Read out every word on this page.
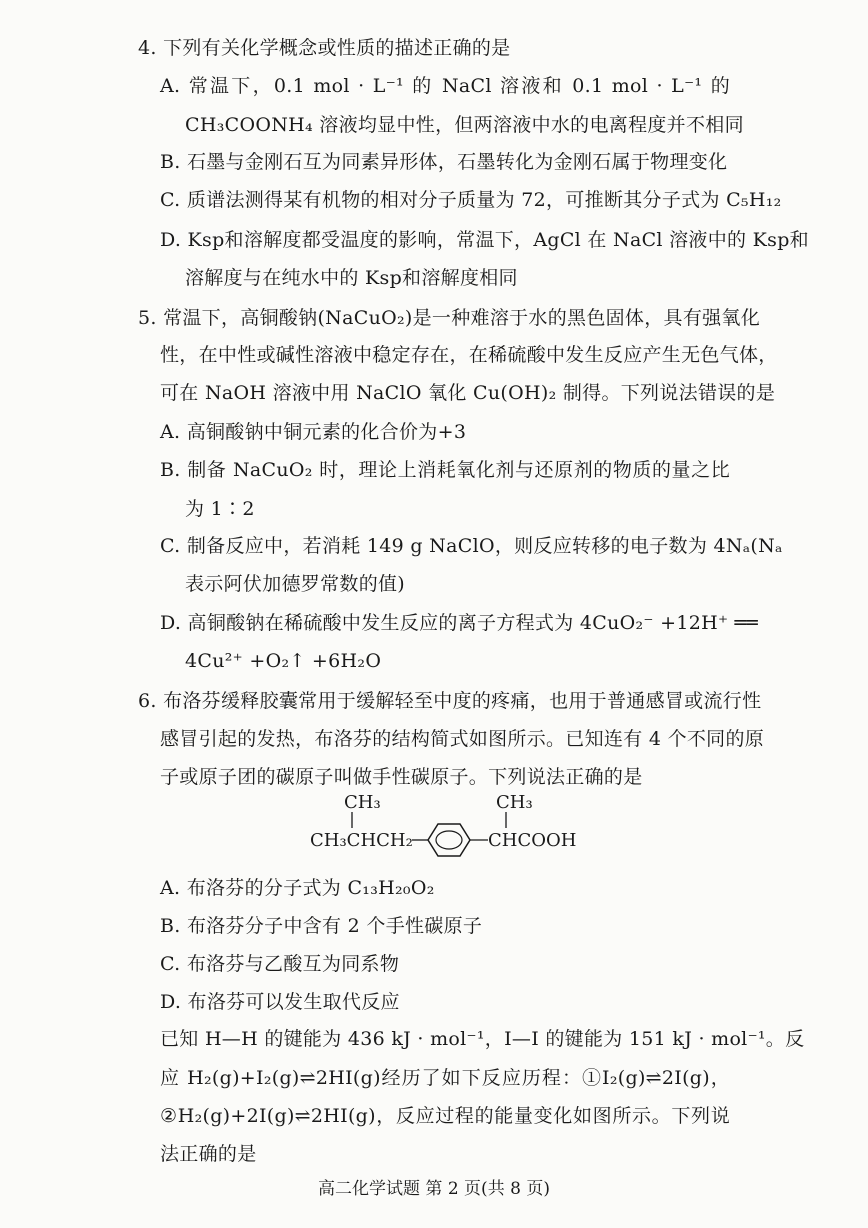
4. 下列有关化学概念或性质的描述正确的是
A. 常温下，0.1 mol · L⁻¹ 的 NaCl 溶液和 0.1 mol · L⁻¹ 的
CH₃COONH₄ 溶液均显中性，但两溶液中水的电离程度并不相同
B. 石墨与金刚石互为同素异形体，石墨转化为金刚石属于物理变化
C. 质谱法测得某有机物的相对分子质量为 72，可推断其分子式为 C₅H₁₂
D. Ksp和溶解度都受温度的影响，常温下，AgCl 在 NaCl 溶液中的 Ksp和
溶解度与在纯水中的 Ksp和溶解度相同
5. 常温下，高铜酸钠(NaCuO₂)是一种难溶于水的黑色固体，具有强氧化
性，在中性或碱性溶液中稳定存在，在稀硫酸中发生反应产生无色气体，
可在 NaOH 溶液中用 NaClO 氧化 Cu(OH)₂ 制得。下列说法错误的是
A. 高铜酸钠中铜元素的化合价为+3
B. 制备 NaCuO₂ 时，理论上消耗氧化剂与还原剂的物质的量之比
为 1∶2
C. 制备反应中，若消耗 149 g NaClO，则反应转移的电子数为 4Nₐ(Nₐ
表示阿伏加德罗常数的值)
D. 高铜酸钠在稀硫酸中发生反应的离子方程式为 4CuO₂⁻ +12H⁺ ══
4Cu²⁺ +O₂↑ +6H₂O
6. 布洛芬缓释胶囊常用于缓解轻至中度的疼痛，也用于普通感冒或流行性
感冒引起的发热，布洛芬的结构简式如图所示。已知连有 4 个不同的原
子或原子团的碳原子叫做手性碳原子。下列说法正确的是
CH₃
CH₃CHCH₂
CH₃
CHCOOH
A. 布洛芬的分子式为 C₁₃H₂₀O₂
B. 布洛芬分子中含有 2 个手性碳原子
C. 布洛芬与乙酸互为同系物
D. 布洛芬可以发生取代反应
已知 H—H 的键能为 436 kJ · mol⁻¹，I—I 的键能为 151 kJ · mol⁻¹。反
应 H₂(g)+I₂(g)⇌2HI(g)经历了如下反应历程：①I₂(g)⇌2I(g)，
②H₂(g)+2I(g)⇌2HI(g)，反应过程的能量变化如图所示。下列说
法正确的是
高二化学试题 第 2 页(共 8 页)
